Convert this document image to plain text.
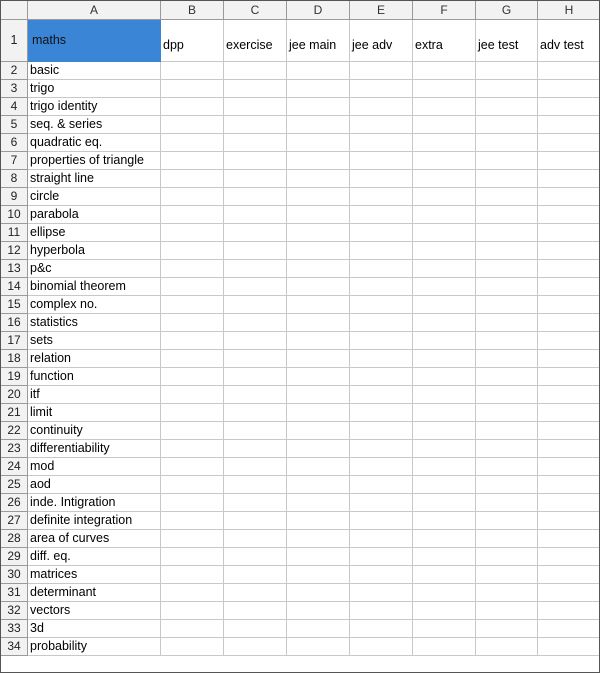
	A	B	C	D	E	F	G	H
1	maths	dpp	exercise	jee main	jee adv	extra	jee test	adv test
2	basic							
3	trigo							
4	trigo identity							
5	seq. & series							
6	quadratic eq.							
7	properties of triangle							
8	straight line							
9	circle							
10	parabola							
11	ellipse							
12	hyperbola							
13	p&c							
14	binomial theorem							
15	complex no.							
16	statistics							
17	sets							
18	relation							
19	function							
20	itf							
21	limit							
22	continuity							
23	differentiability							
24	mod							
25	aod							
26	inde. Intigration							
27	definite integration							
28	area of curves							
29	diff. eq.							
30	matrices							
31	determinant							
32	vectors							
33	3d							
34	probability							
